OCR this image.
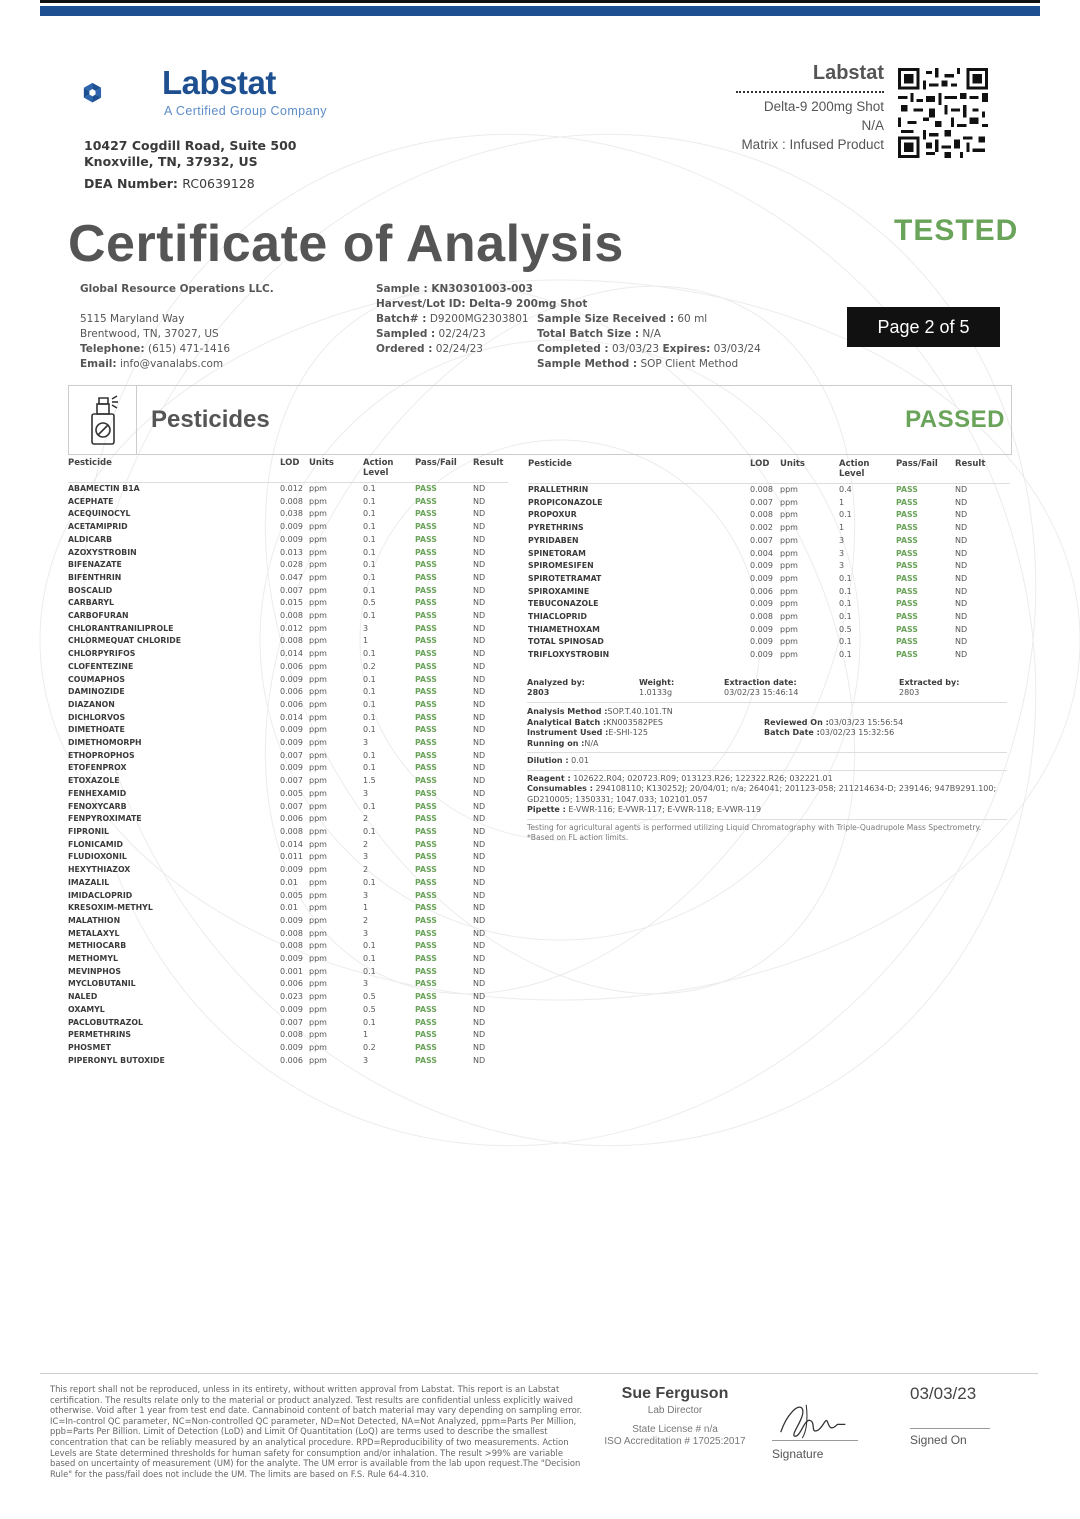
Labstat
A Certified Group Company
10427 Cogdill Road, Suite 500
Knoxville, TN, 37932, US
DEA Number: RC0639128
Labstat
Delta-9 200mg Shot
N/A
Matrix : Infused Product
Certificate of Analysis	TESTED
Global Resource Operations LLC.
5115 Maryland Way
Brentwood, TN, 37027, US
Telephone: (615) 471-1416
Email: info@vanalabs.com
Sample : KN30301003-003
Harvest/Lot ID: Delta-9 200mg Shot
Batch# : D9200MG2303801 Sample Size Received : 60 ml
Sampled : 02/24/23	Total Batch Size : N/A
Ordered : 02/24/23	Completed : 03/03/23 Expires: 03/03/24
Sample Method : SOP Client Method
Page 2 of 5
Pesticides	PASSED
Pesticide	LOD	Units	Action
Level	Pass/Fail	Result
ABAMECTIN B1A	0.012	ppm	0.1	PASS	ND
ACEPHATE	0.008	ppm	0.1	PASS	ND
ACEQUINOCYL	0.038	ppm	0.1	PASS	ND
ACETAMIPRID	0.009	ppm	0.1	PASS	ND
ALDICARB	0.009	ppm	0.1	PASS	ND
AZOXYSTROBIN	0.013	ppm	0.1	PASS	ND
BIFENAZATE	0.028	ppm	0.1	PASS	ND
BIFENTHRIN	0.047	ppm	0.1	PASS	ND
BOSCALID	0.007	ppm	0.1	PASS	ND
CARBARYL	0.015	ppm	0.5	PASS	ND
CARBOFURAN	0.008	ppm	0.1	PASS	ND
CHLORANTRANILIPROLE	0.012	ppm	3	PASS	ND
CHLORMEQUAT CHLORIDE	0.008	ppm	1	PASS	ND
CHLORPYRIFOS	0.014	ppm	0.1	PASS	ND
CLOFENTEZINE	0.006	ppm	0.2	PASS	ND
COUMAPHOS	0.009	ppm	0.1	PASS	ND
DAMINOZIDE	0.006	ppm	0.1	PASS	ND
DIAZANON	0.006	ppm	0.1	PASS	ND
DICHLORVOS	0.014	ppm	0.1	PASS	ND
DIMETHOATE	0.009	ppm	0.1	PASS	ND
DIMETHOMORPH	0.009	ppm	3	PASS	ND
ETHOPROPHOS	0.007	ppm	0.1	PASS	ND
ETOFENPROX	0.009	ppm	0.1	PASS	ND
ETOXAZOLE	0.007	ppm	1.5	PASS	ND
FENHEXAMID	0.005	ppm	3	PASS	ND
FENOXYCARB	0.007	ppm	0.1	PASS	ND
FENPYROXIMATE	0.006	ppm	2	PASS	ND
FIPRONIL	0.008	ppm	0.1	PASS	ND
FLONICAMID	0.014	ppm	2	PASS	ND
FLUDIOXONIL	0.011	ppm	3	PASS	ND
HEXYTHIAZOX	0.009	ppm	2	PASS	ND
IMAZALIL	0.01	ppm	0.1	PASS	ND
IMIDACLOPRID	0.005	ppm	3	PASS	ND
KRESOXIM-METHYL	0.01	ppm	1	PASS	ND
MALATHION	0.009	ppm	2	PASS	ND
METALAXYL	0.008	ppm	3	PASS	ND
METHIOCARB	0.008	ppm	0.1	PASS	ND
METHOMYL	0.009	ppm	0.1	PASS	ND
MEVINPHOS	0.001	ppm	0.1	PASS	ND
MYCLOBUTANIL	0.006	ppm	3	PASS	ND
NALED	0.023	ppm	0.5	PASS	ND
OXAMYL	0.009	ppm	0.5	PASS	ND
PACLOBUTRAZOL	0.007	ppm	0.1	PASS	ND
PERMETHRINS	0.008	ppm	1	PASS	ND
PHOSMET	0.009	ppm	0.2	PASS	ND
PIPERONYL BUTOXIDE	0.006	ppm	3	PASS	ND
Pesticide	LOD	Units	Action
Level	Pass/Fail	Result
PRALLETHRIN	0.008	ppm	0.4	PASS	ND
PROPICONAZOLE	0.007	ppm	1	PASS	ND
PROPOXUR	0.008	ppm	0.1	PASS	ND
PYRETHRINS	0.002	ppm	1	PASS	ND
PYRIDABEN	0.007	ppm	3	PASS	ND
SPINETORAM	0.004	ppm	3	PASS	ND
SPIROMESIFEN	0.009	ppm	3	PASS	ND
SPIROTETRAMAT	0.009	ppm	0.1	PASS	ND
SPIROXAMINE	0.006	ppm	0.1	PASS	ND
TEBUCONAZOLE	0.009	ppm	0.1	PASS	ND
THIACLOPRID	0.008	ppm	0.1	PASS	ND
THIAMETHOXAM	0.009	ppm	0.5	PASS	ND
TOTAL SPINOSAD	0.009	ppm	0.1	PASS	ND
TRIFLOXYSTROBIN	0.009	ppm	0.1	PASS	ND
Analyzed by:
2803
Weight:
1.0133g
Extraction date:
03/02/23 15:46:14
Extracted by:
2803
Analysis Method :SOP.T.40.101.TN
Analytical Batch :KN003582PES
Instrument Used :E-SHI-125
Running on :N/A
Reviewed On :03/03/23 15:56:54
Batch Date :03/02/23 15:32:56
Dilution : 0.01
Reagent : 102622.R04; 020723.R09; 013123.R26; 122322.R26; 032221.01
Consumables : 294108110; K130252J; 20/04/01; n/a; 264041; 201123-058; 211214634-D; 239146; 947B9291.100; GD210005; 1350331; 1047.033; 102101.057
Pipette : E-VWR-116; E-VWR-117; E-VWR-118; E-VWR-119
Testing for agricultural agents is performed utilizing Liquid Chromatography with Triple-Quadrupole Mass Spectrometry.
*Based on FL action limits.
This report shall not be reproduced, unless in its entirety, without written approval from Labstat. This report is an Labstat certification. The results relate only to the material or product analyzed. Test results are confidential unless explicitly waived otherwise. Void after 1 year from test end date. Cannabinoid content of batch material may vary depending on sampling error. IC=In-control QC parameter, NC=Non-controlled QC parameter, ND=Not Detected, NA=Not Analyzed, ppm=Parts Per Million, ppb=Parts Per Billion. Limit of Detection (LoD) and Limit Of Quantitation (LoQ) are terms used to describe the smallest concentration that can be reliably measured by an analytical procedure. RPD=Reproducibility of two measurements. Action Levels are State determined thresholds for human safety for consumption and/or inhalation. The result >99% are variable based on uncertainty of measurement (UM) for the analyte. The UM error is available from the lab upon request.The "Decision Rule" for the pass/fail does not include the UM. The limits are based on F.S. Rule 64-4.310.
Sue Ferguson
Lab Director
State License # n/a
ISO Accreditation # 17025:2017
Signature
03/03/23
Signed On
